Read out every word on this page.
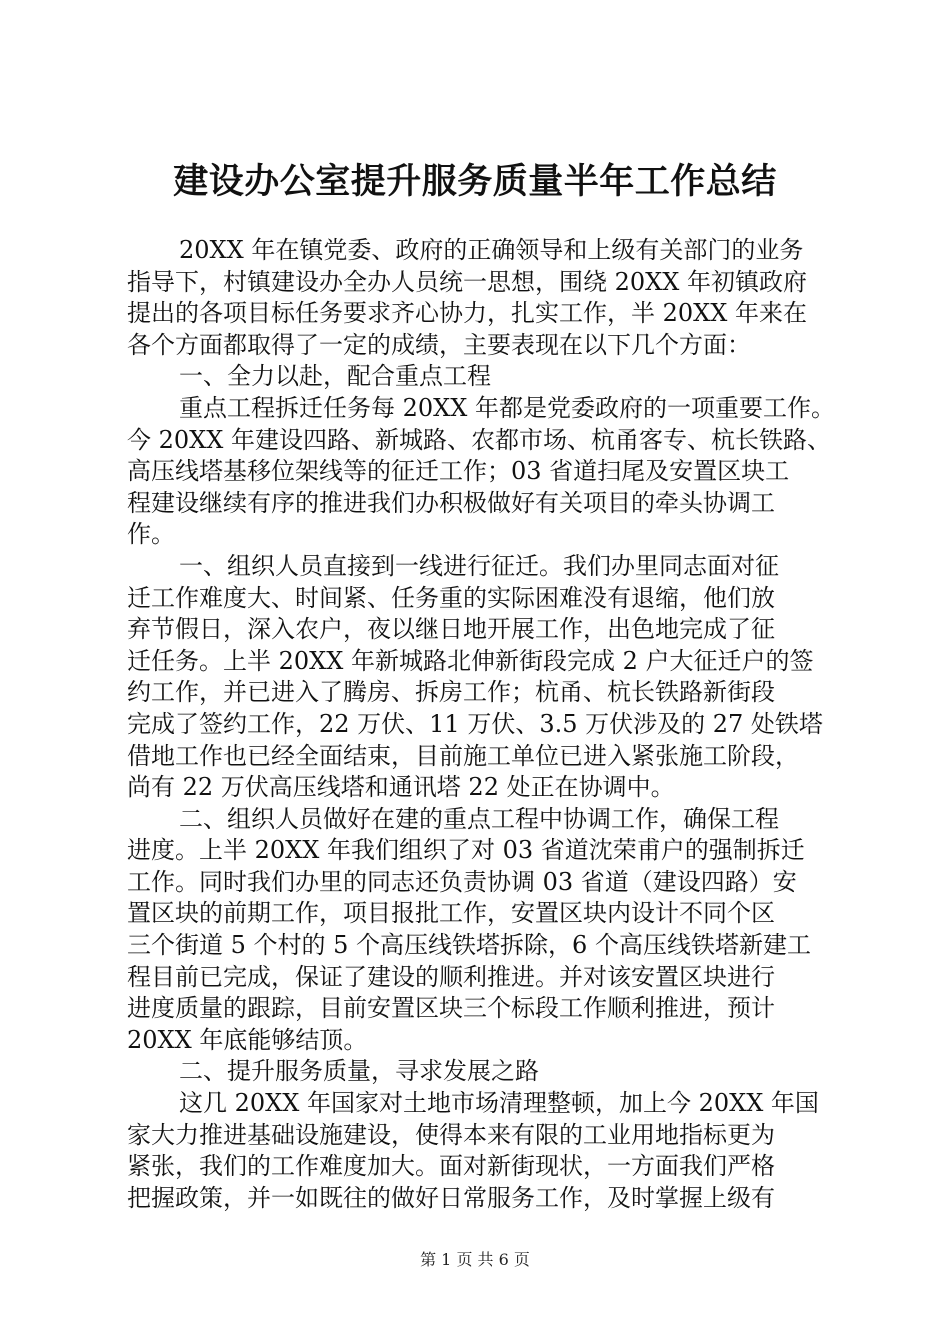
建设办公室提升服务质量半年工作总结
20XX 年在镇党委、政府的正确领导和上级有关部门的业务
指导下，村镇建设办全办人员统一思想，围绕 20XX 年初镇政府
提出的各项目标任务要求齐心协力，扎实工作，半 20XX 年来在
各个方面都取得了一定的成绩，主要表现在以下几个方面：
一、全力以赴，配合重点工程
重点工程拆迁任务每 20XX 年都是党委政府的一项重要工作。
今 20XX 年建设四路、新城路、农都市场、杭甬客专、杭长铁路、
高压线塔基移位架线等的征迁工作；03 省道扫尾及安置区块工
程建设继续有序的推进我们办积极做好有关项目的牵头协调工
作。
一、组织人员直接到一线进行征迁。我们办里同志面对征
迁工作难度大、时间紧、任务重的实际困难没有退缩，他们放
弃节假日，深入农户，夜以继日地开展工作，出色地完成了征
迁任务。上半 20XX 年新城路北伸新街段完成 2 户大征迁户的签
约工作，并已进入了腾房、拆房工作；杭甬、杭长铁路新街段
完成了签约工作，22 万伏、11 万伏、3.5 万伏涉及的 27 处铁塔
借地工作也已经全面结束，目前施工单位已进入紧张施工阶段，
尚有 22 万伏高压线塔和通讯塔 22 处正在协调中。
二、组织人员做好在建的重点工程中协调工作，确保工程
进度。上半 20XX 年我们组织了对 03 省道沈荣甫户的强制拆迁
工作。同时我们办里的同志还负责协调 03 省道（建设四路）安
置区块的前期工作，项目报批工作，安置区块内设计不同个区
三个街道 5 个村的 5 个高压线铁塔拆除，6 个高压线铁塔新建工
程目前已完成，保证了建设的顺利推进。并对该安置区块进行
进度质量的跟踪，目前安置区块三个标段工作顺利推进，预计
20XX 年底能够结顶。
二、提升服务质量，寻求发展之路
这几 20XX 年国家对土地市场清理整顿，加上今 20XX 年国
家大力推进基础设施建设，使得本来有限的工业用地指标更为
紧张，我们的工作难度加大。面对新街现状，一方面我们严格
把握政策，并一如既往的做好日常服务工作，及时掌握上级有
第 1 页 共 6 页
